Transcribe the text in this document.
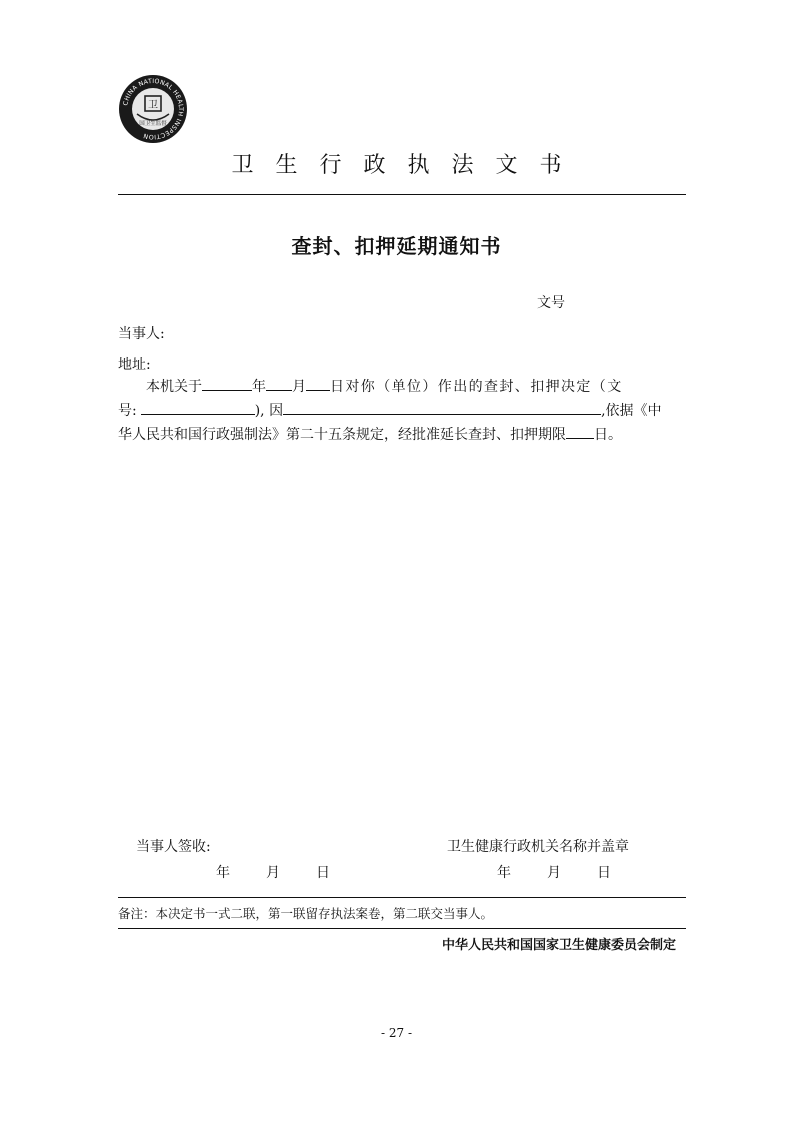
CHINA NATIONAL HEALTH INSPECTION
卫
国卫生监督
卫生行政执法文书
查封、扣押延期通知书
文号
当事人:
地址:
本机关于	年 月 日对你（单位）作出的查封、扣押决定（文
号:	), 因	,依据《中
华人民共和国行政强制法》第二十五条规定，经批准延长查封、扣押期限 日。
当事人签收:
年	月	日
卫生健康行政机关名称并盖章
年	月	日
备注：本决定书一式二联，第一联留存执法案卷，第二联交当事人。
中华人民共和国国家卫生健康委员会制定
- 27 -
